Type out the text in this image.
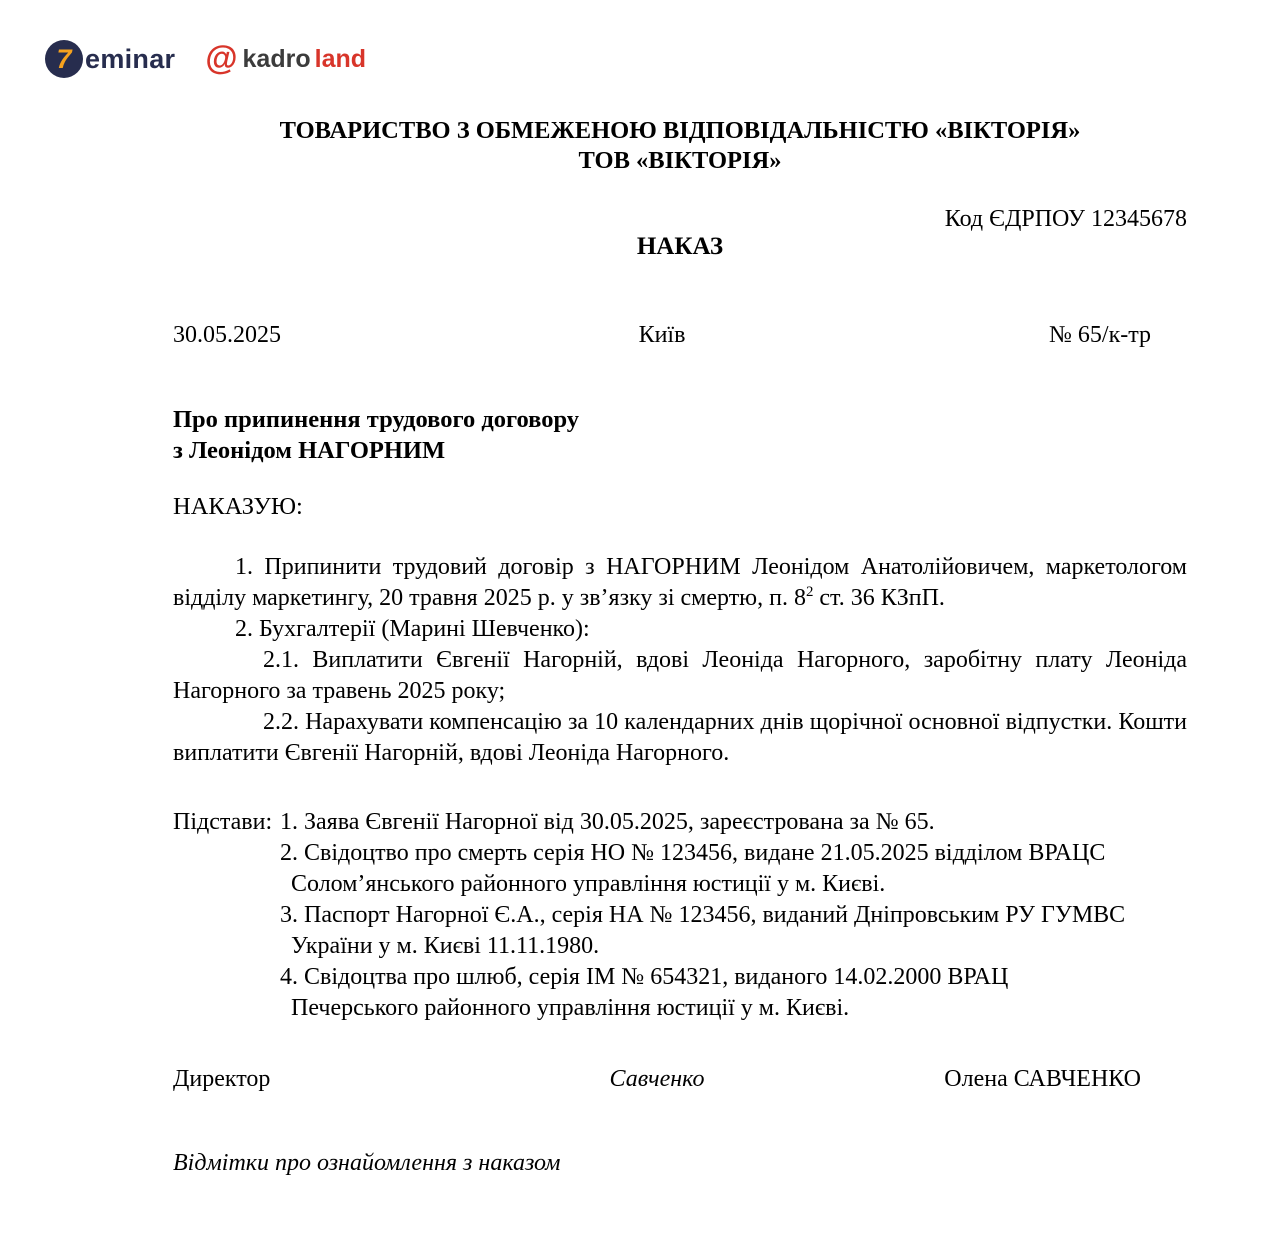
7 eminar @ kadro land
ТОВАРИСТВО З ОБМЕЖЕНОЮ ВІДПОВІДАЛЬНІСТЮ «ВІКТОРІЯ»
ТОВ «ВІКТОРІЯ»
Код ЄДРПОУ 12345678
НАКАЗ
30.05.2025	Київ	№ 65/к-тр
Про припинення трудового договору
з Леонідом НАГОРНИМ
НАКАЗУЮ:

1. Припинити трудовий договір з НАГОРНИМ Леонідом Анатолійовичем, маркетологом відділу маркетингу, 20 травня 2025 р. у зв’язку зі смертю, п. $8^2$ ст. 36 КЗпП.

2. Бухгалтерії (Марині Шевченко):

2.1. Виплатити Євгенії Нагорній, вдові Леоніда Нагорного, заробітну плату Леоніда Нагорного за травень 2025 року;

2.2. Нарахувати компенсацію за 10 календарних днів щорічної основної відпустки. Кошти виплатити Євгенії Нагорній, вдові Леоніда Нагорного.

Підстави: 1. Заява Євгенії Нагорної від 30.05.2025, зареєстрована за № 65.
2. Свідоцтво про смерть серія НО № 123456, видане 21.05.2025 відділом ВРАЦС
Солом’янського районного управління юстиції у м. Києві.
3. Паспорт Нагорної Є.А., серія НА № 123456, виданий Дніпровським РУ ГУМВС
України у м. Києві 11.11.1980.
4. Свідоцтва про шлюб, серія ІМ № 654321, виданого 14.02.2000 ВРАЦ
Печерського районного управління юстиції у м. Києві.
Директор	Савченко	Олена САВЧЕНКО
Відмітки про ознайомлення з наказом
